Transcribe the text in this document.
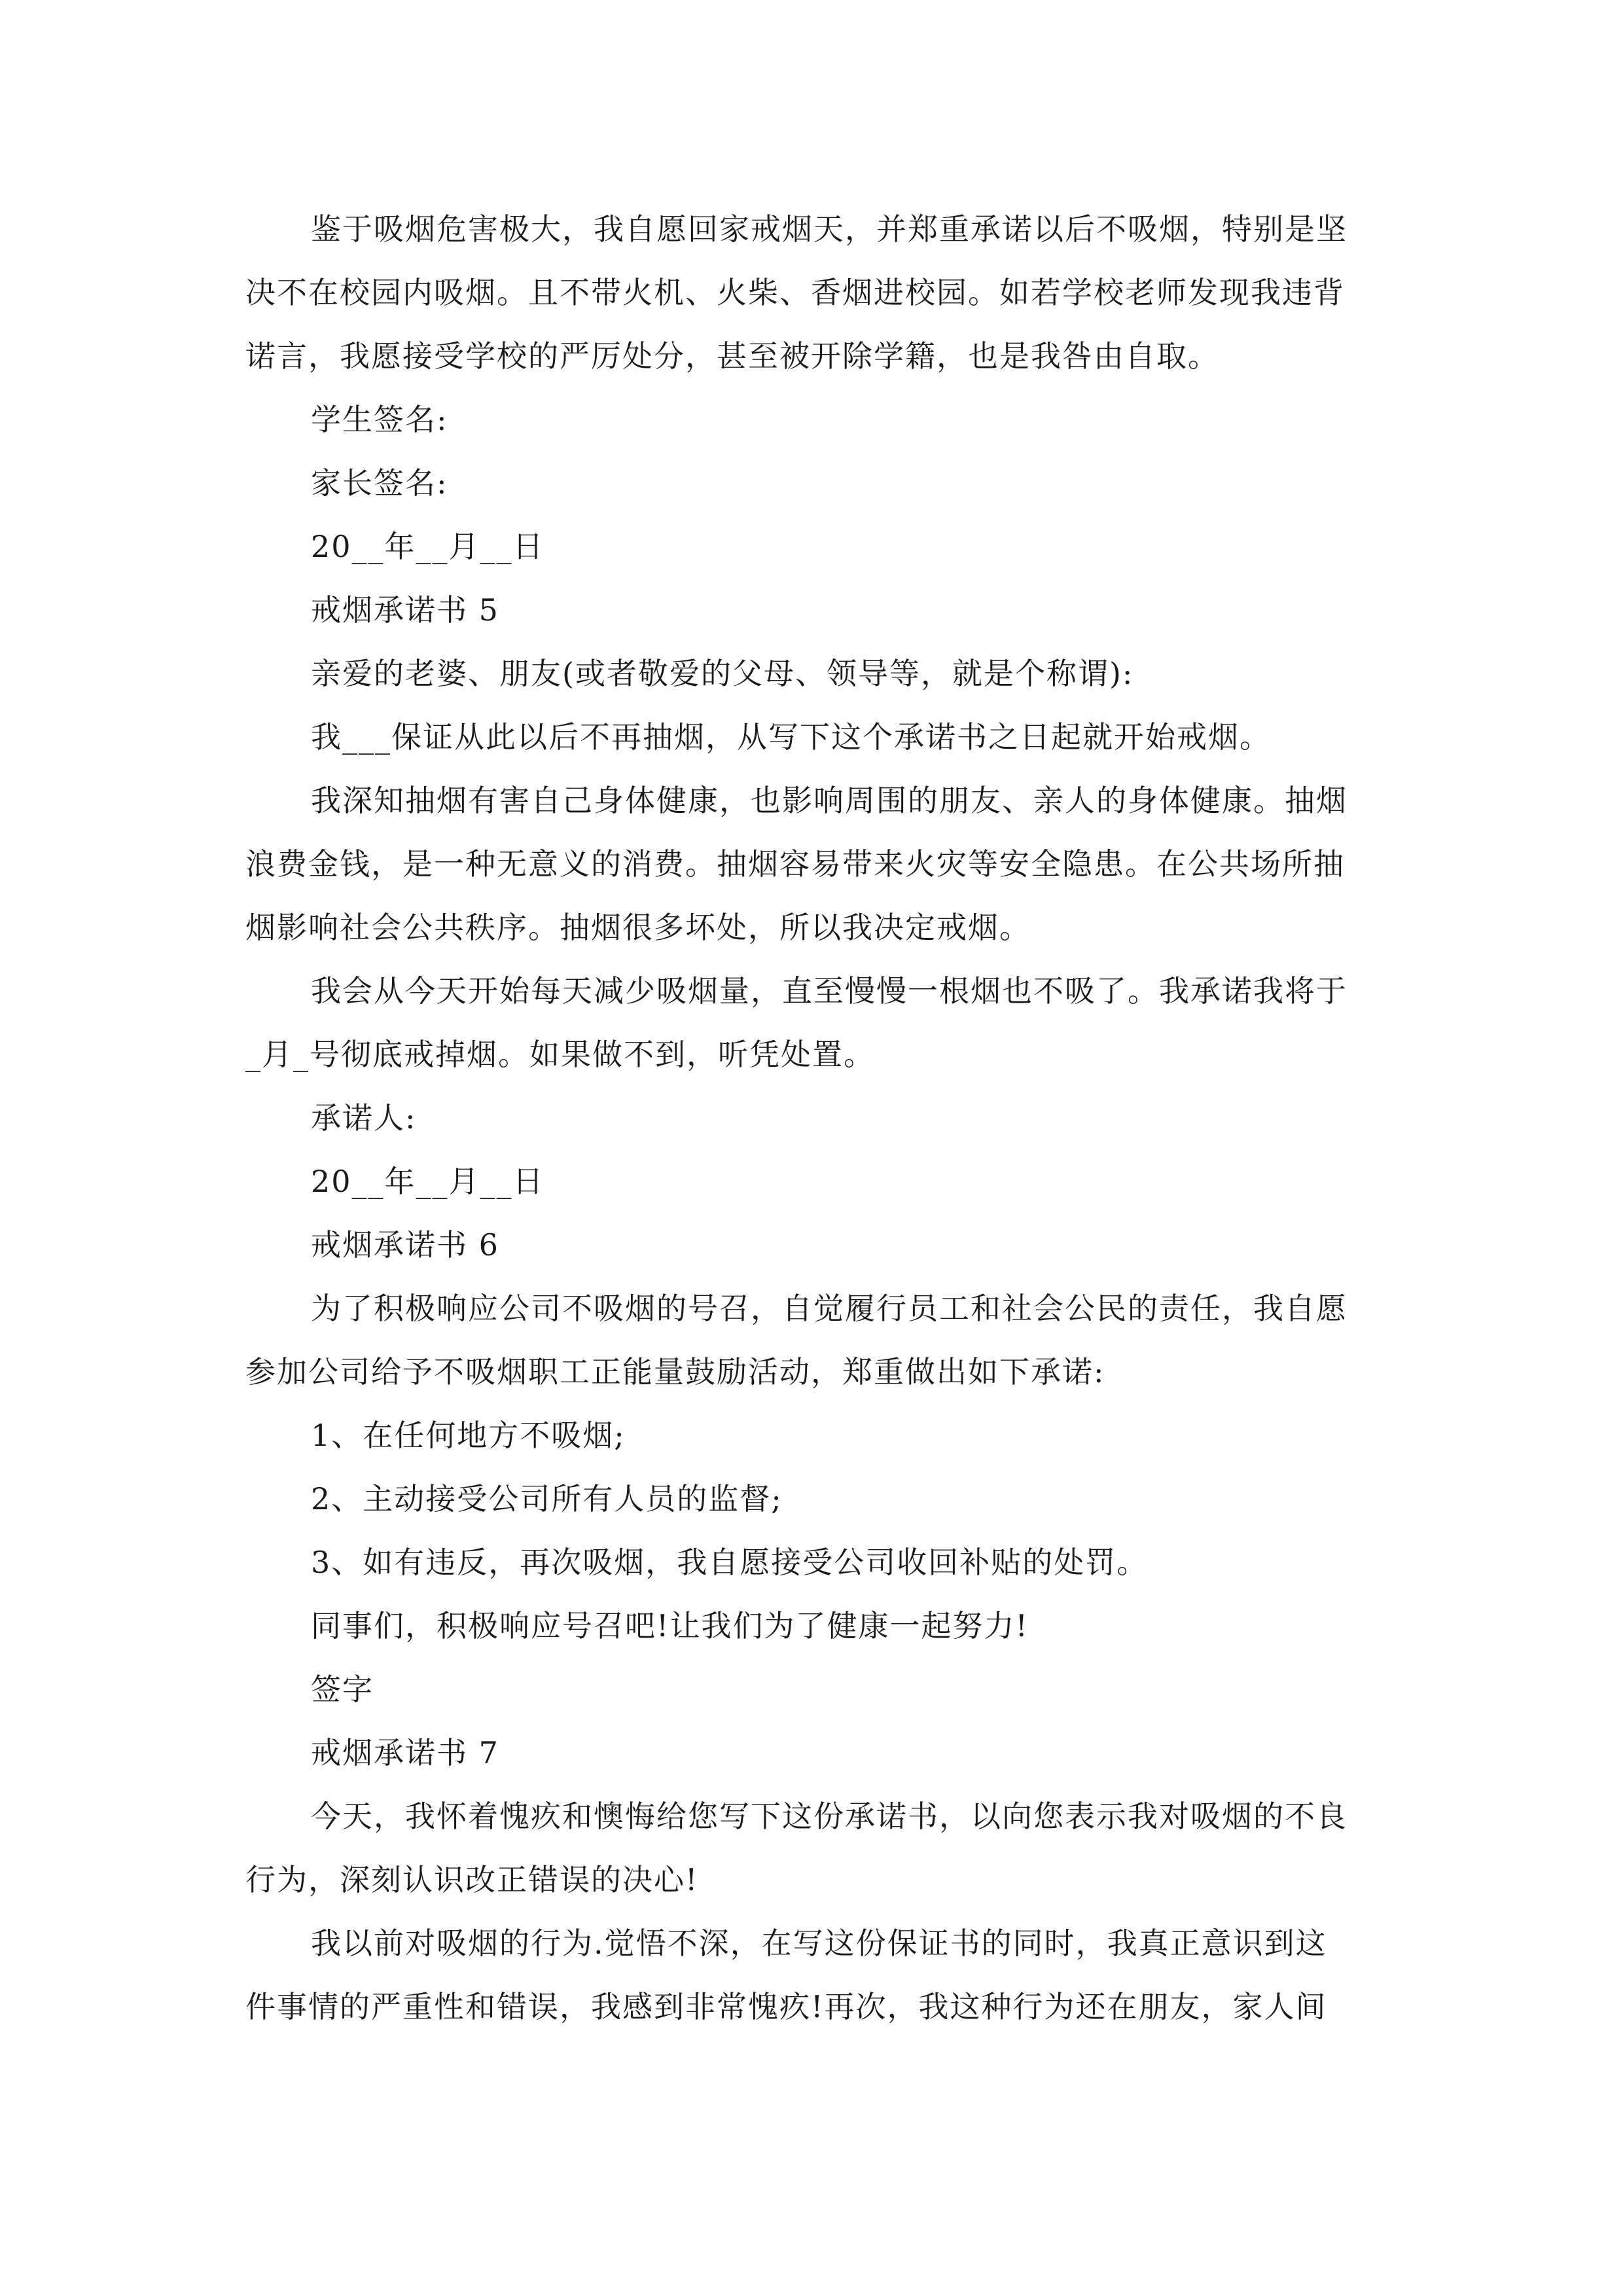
鉴于吸烟危害极大，我自愿回家戒烟天，并郑重承诺以后不吸烟，特别是坚
决不在校园内吸烟。且不带火机、火柴、香烟进校园。如若学校老师发现我违背
诺言，我愿接受学校的严厉处分，甚至被开除学籍，也是我咎由自取。
学生签名:
家长签名:
20__年__月__日
戒烟承诺书 5
亲爱的老婆、朋友(或者敬爱的父母、领导等，就是个称谓):
我___保证从此以后不再抽烟，从写下这个承诺书之日起就开始戒烟。
我深知抽烟有害自己身体健康，也影响周围的朋友、亲人的身体健康。抽烟
浪费金钱，是一种无意义的消费。抽烟容易带来火灾等安全隐患。在公共场所抽
烟影响社会公共秩序。抽烟很多坏处，所以我决定戒烟。
我会从今天开始每天减少吸烟量，直至慢慢一根烟也不吸了。我承诺我将于
_月_号彻底戒掉烟。如果做不到，听凭处置。
承诺人:
20__年__月__日
戒烟承诺书 6
为了积极响应公司不吸烟的号召，自觉履行员工和社会公民的责任，我自愿
参加公司给予不吸烟职工正能量鼓励活动，郑重做出如下承诺:
1、在任何地方不吸烟;
2、主动接受公司所有人员的监督;
3、如有违反，再次吸烟，我自愿接受公司收回补贴的处罚。
同事们，积极响应号召吧!让我们为了健康一起努力!
签字
戒烟承诺书 7
今天，我怀着愧疚和懊悔给您写下这份承诺书，以向您表示我对吸烟的不良
行为，深刻认识改正错误的决心!
我以前对吸烟的行为.觉悟不深，在写这份保证书的同时，我真正意识到这
件事情的严重性和错误，我感到非常愧疚!再次，我这种行为还在朋友，家人间
